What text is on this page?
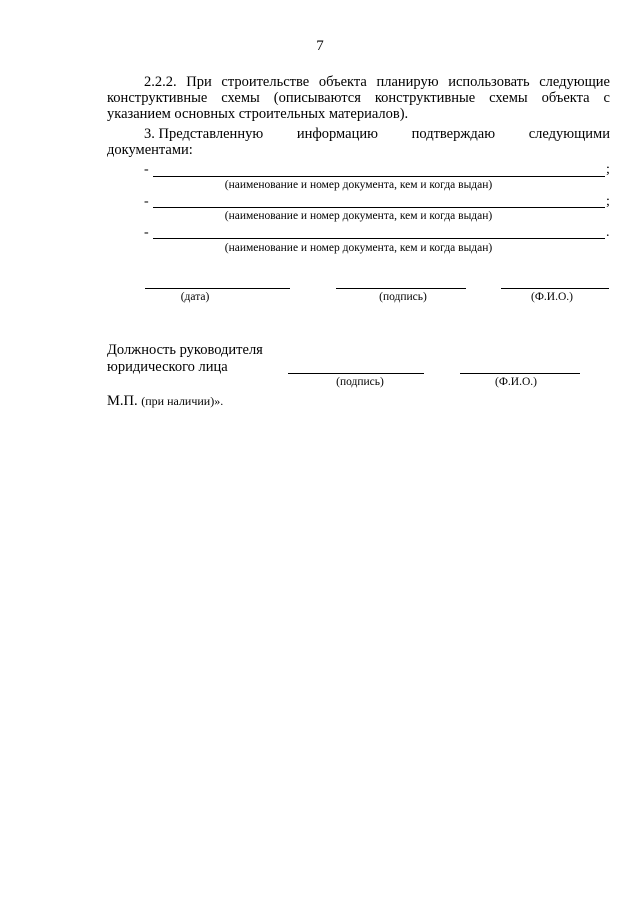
7
2.2.2. При строительстве объекта планирую использовать следующие конструктивные схемы (описываются конструктивные схемы объекта с указанием основных строительных материалов).
3. Представленную информацию подтверждаю следующими
документами:
-	;
(наименование и номер документа, кем и когда выдан)
-	;
(наименование и номер документа, кем и когда выдан)
-	.
(наименование и номер документа, кем и когда выдан)
(дата)	(подпись)	(Ф.И.О.)
Должность руководителя
юридического лица
(подпись)	(Ф.И.О.)
М.П. (при наличии)».
